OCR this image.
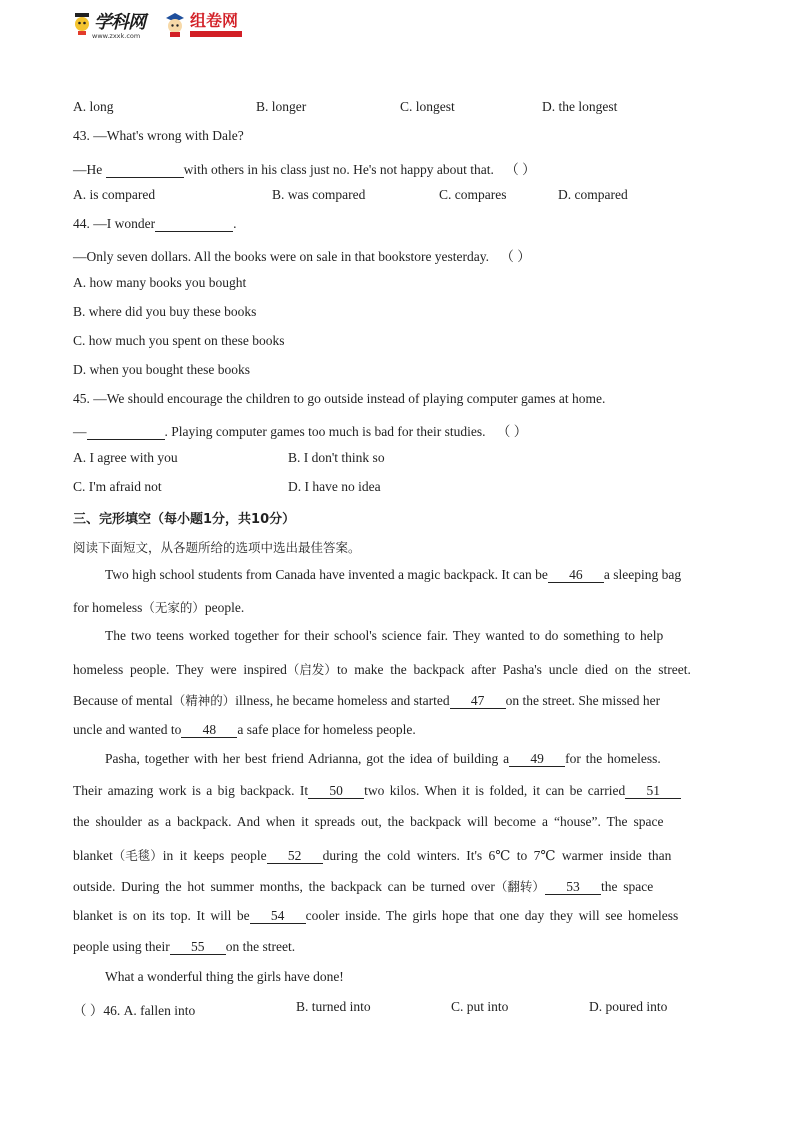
学科网
www.zxxk.com
组卷网
A. long	B. longer	C. longest	D. the longest
43. —What's wrong with Dale?
—He	with others in his class just no. He's not happy about that. （ ）
A. is compared	B. was compared	C. compares	D. compared
44. —I wonder	.
—Only seven dollars. All the books were on sale in that bookstore yesterday. （ ）
A. how many books you bought
B. where did you buy these books
C. how much you spent on these books
D. when you bought these books
45. —We should encourage the children to go outside instead of playing computer games at home.
—	. Playing computer games too much is bad for their studies. （ ）
A. I agree with you	B. I don't think so
C. I'm afraid not	D. I have no idea
三、完形填空（每小题1分，共10分）
阅读下面短文，从各题所给的选项中选出最佳答案。
Two high school students from Canada have invented a magic backpack. It can be 46 a sleeping bag
for homeless（无家的）people.
The two teens worked together for their school's science fair. They wanted to do something to help
homeless people. They were inspired（启发）to make the backpack after Pasha's uncle died on the street.
Because of mental（精神的）illness, he became homeless and started 47 on the street. She missed her
uncle and wanted to 48 a safe place for homeless people.
Pasha, together with her best friend Adrianna, got the idea of building a 49 for the homeless.
Their amazing work is a big backpack. It 50 two kilos. When it is folded, it can be carried 51
the shoulder as a backpack. And when it spreads out, the backpack will become a “house”. The space
blanket（毛毯）in it keeps people 52 during the cold winters. It's 6℃ to 7℃ warmer inside than
outside. During the hot summer months, the backpack can be turned over（翻转） 53 the space
blanket is on its top. It will be 54 cooler inside. The girls hope that one day they will see homeless
people using their 55 on the street.
What a wonderful thing the girls have done!
（ ）46. A. fallen into	B. turned into	C. put into	D. poured into
